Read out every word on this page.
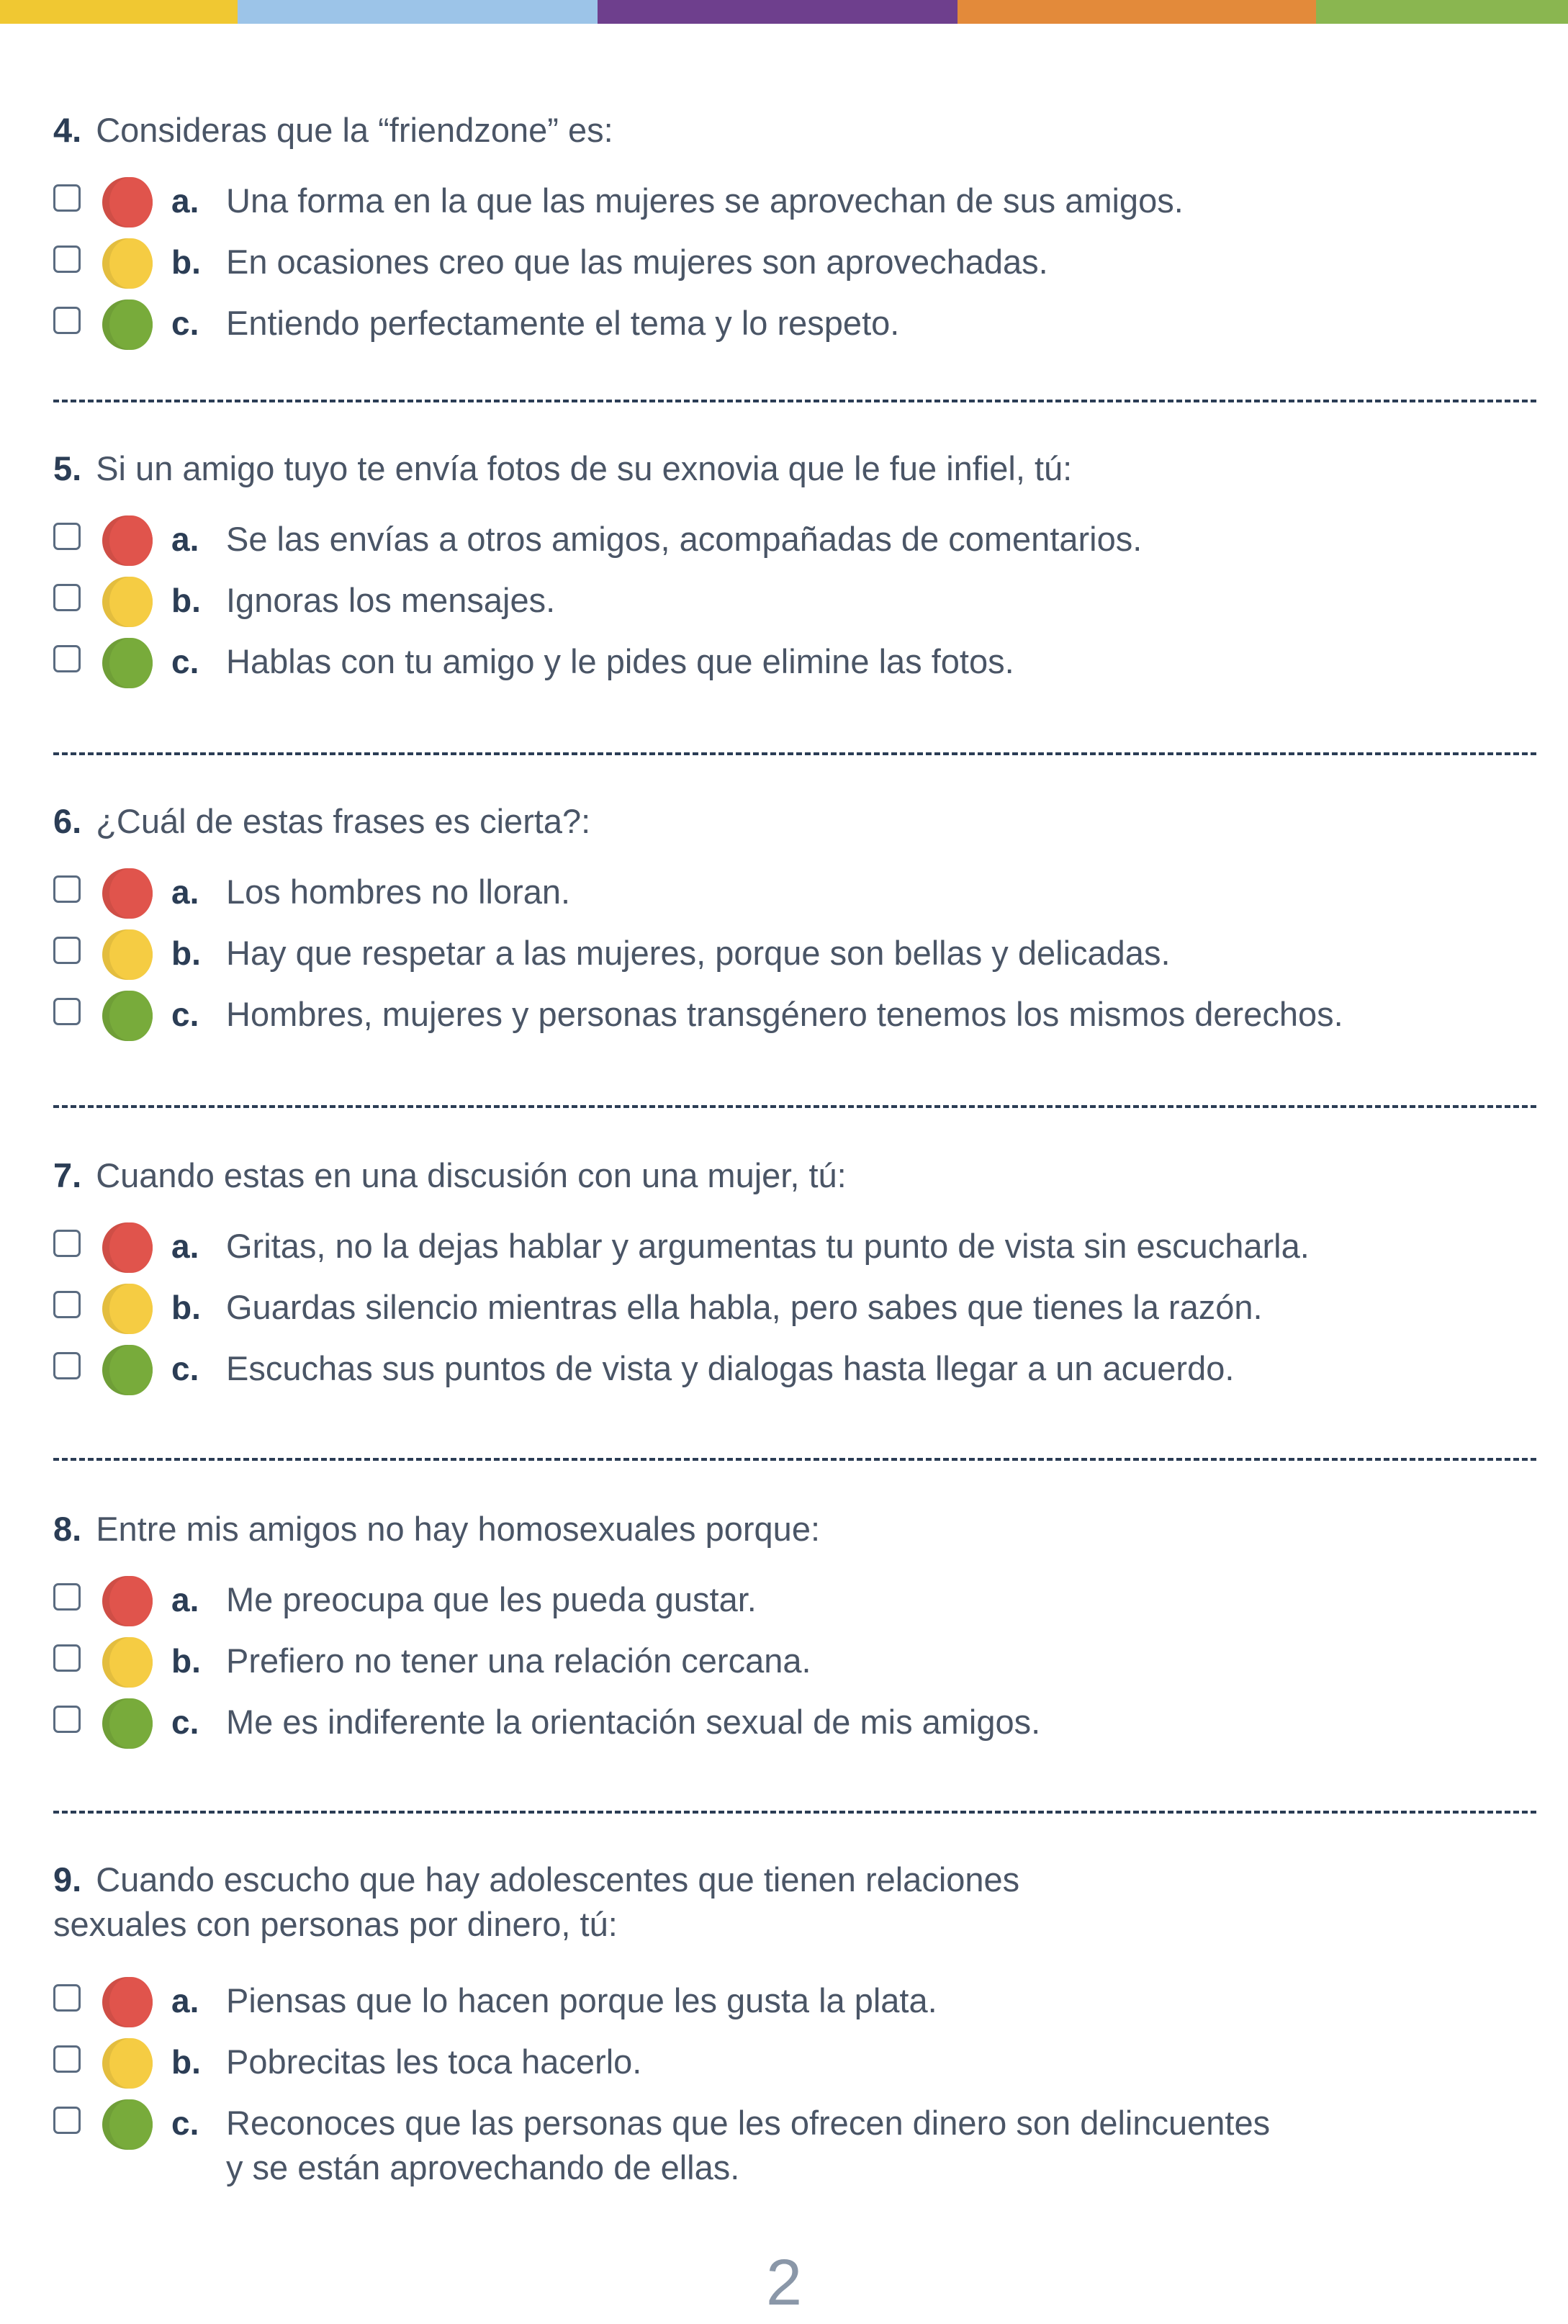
4. Consideras que la “friendzone” es:

a. Una forma en la que las mujeres se aprovechan de sus amigos.
b. En ocasiones creo que las mujeres son aprovechadas.
c. Entiendo perfectamente el tema y lo respeto.

5. Si un amigo tuyo te envía fotos de su exnovia que le fue infiel, tú:

a. Se las envías a otros amigos, acompañadas de comentarios.
b. Ignoras los mensajes.
c. Hablas con tu amigo y le pides que elimine las fotos.

6. ¿Cuál de estas frases es cierta?:

a. Los hombres no lloran.
b. Hay que respetar a las mujeres, porque son bellas y delicadas.
c. Hombres, mujeres y personas transgénero tenemos los mismos derechos.

7. Cuando estas en una discusión con una mujer, tú:

a. Gritas, no la dejas hablar y argumentas tu punto de vista sin escucharla.
b. Guardas silencio mientras ella habla, pero sabes que tienes la razón.
c. Escuchas sus puntos de vista y dialogas hasta llegar a un acuerdo.

8. Entre mis amigos no hay homosexuales porque:

a. Me preocupa que les pueda gustar.
b. Prefiero no tener una relación cercana.
c. Me es indiferente la orientación sexual de mis amigos.

9. Cuando escucho que hay adolescentes que tienen relaciones
sexuales con personas por dinero, tú:

a. Piensas que lo hacen porque les gusta la plata.
b. Pobrecitas les toca hacerlo.
c. Reconoces que las personas que les ofrecen dinero son delincuentes
y se están aprovechando de ellas.
2
